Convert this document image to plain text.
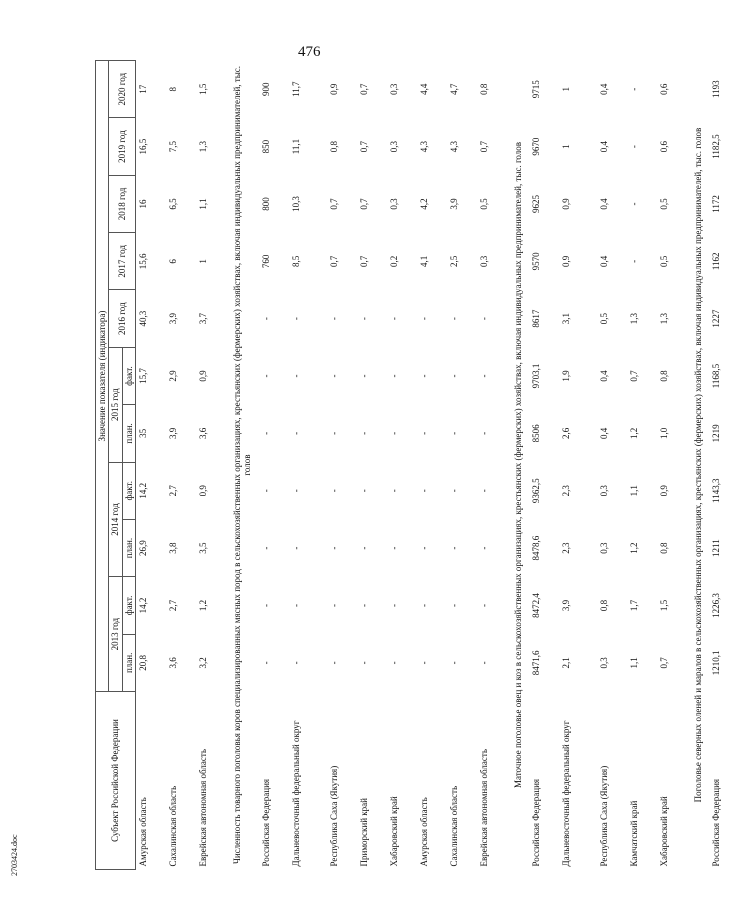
476
2703424.doc
Субъект Российской Федерации	Значение показателя (индикатора)										
	2013 год		2014 год		2015 год		2016 год	2017 год	2018 год	2019 год	2020 год
	план.	факт.	план.	факт.	план.	факт.					
Амурская область	20,8	14,2	26,9	14,2	35	15,7	40,3	15,6	16	16,5	17
Сахалинская область	3,6	2,7	3,8	2,7	3,9	2,9	3,9	6	6,5	7,5	8
Еврейская автономная область	3,2	1,2	3,5	0,9	3,6	0,9	3,7	1	1,1	1,3	1,5
Численность товарного поголовья коров специализированных мясных пород в сельскохозяйственных организациях, крестьянских (фермерских) хозяйствах, включая индивидуальных предпринимателей, тыс. голов											
Российская Федерация	-	-	-	-	-	-	-	760	800	850	900
Дальневосточный федеральный округ	-	-	-	-	-	-	-	8,5	10,3	11,1	11,7
Республика Саха (Якутия)	-	-	-	-	-	-	-	0,7	0,7	0,8	0,9
Приморский край	-	-	-	-	-	-	-	0,7	0,7	0,7	0,7
Хабаровский край	-	-	-	-	-	-	-	0,2	0,3	0,3	0,3
Амурская область	-	-	-	-	-	-	-	4,1	4,2	4,3	4,4
Сахалинская область	-	-	-	-	-	-	-	2,5	3,9	4,3	4,7
Еврейская автономная область	-	-	-	-	-	-	-	0,3	0,5	0,7	0,8
Маточное поголовье овец и коз в сельскохозяйственных организациях, крестьянских (фермерских) хозяйствах, включая индивидуальных предпринимателей, тыс. голов											
Российская Федерация	8471,6	8472,4	8478,6	9362,5	8506	9703,1	8617	9570	9625	9670	9715
Дальневосточный федеральный округ	2,1	3,9	2,3	2,3	2,6	1,9	3,1	0,9	0,9	1	1
Республика Саха (Якутия)	0,3	0,8	0,3	0,3	0,4	0,4	0,5	0,4	0,4	0,4	0,4
Камчатский край	1,1	1,7	1,2	1,1	1,2	0,7	1,3	-	-	-	-
Хабаровский край	0,7	1,5	0,8	0,9	1,0	0,8	1,3	0,5	0,5	0,6	0,6
Поголовье северных оленей и маралов в сельскохозяйственных организациях, крестьянских (фермерских) хозяйствах, включая индивидуальных предпринимателей, тыс. голов											
Российская Федерация	1210,1	1226,3	1211	1143,3	1219	1168,5	1227	1162	1172	1182,5	1193
